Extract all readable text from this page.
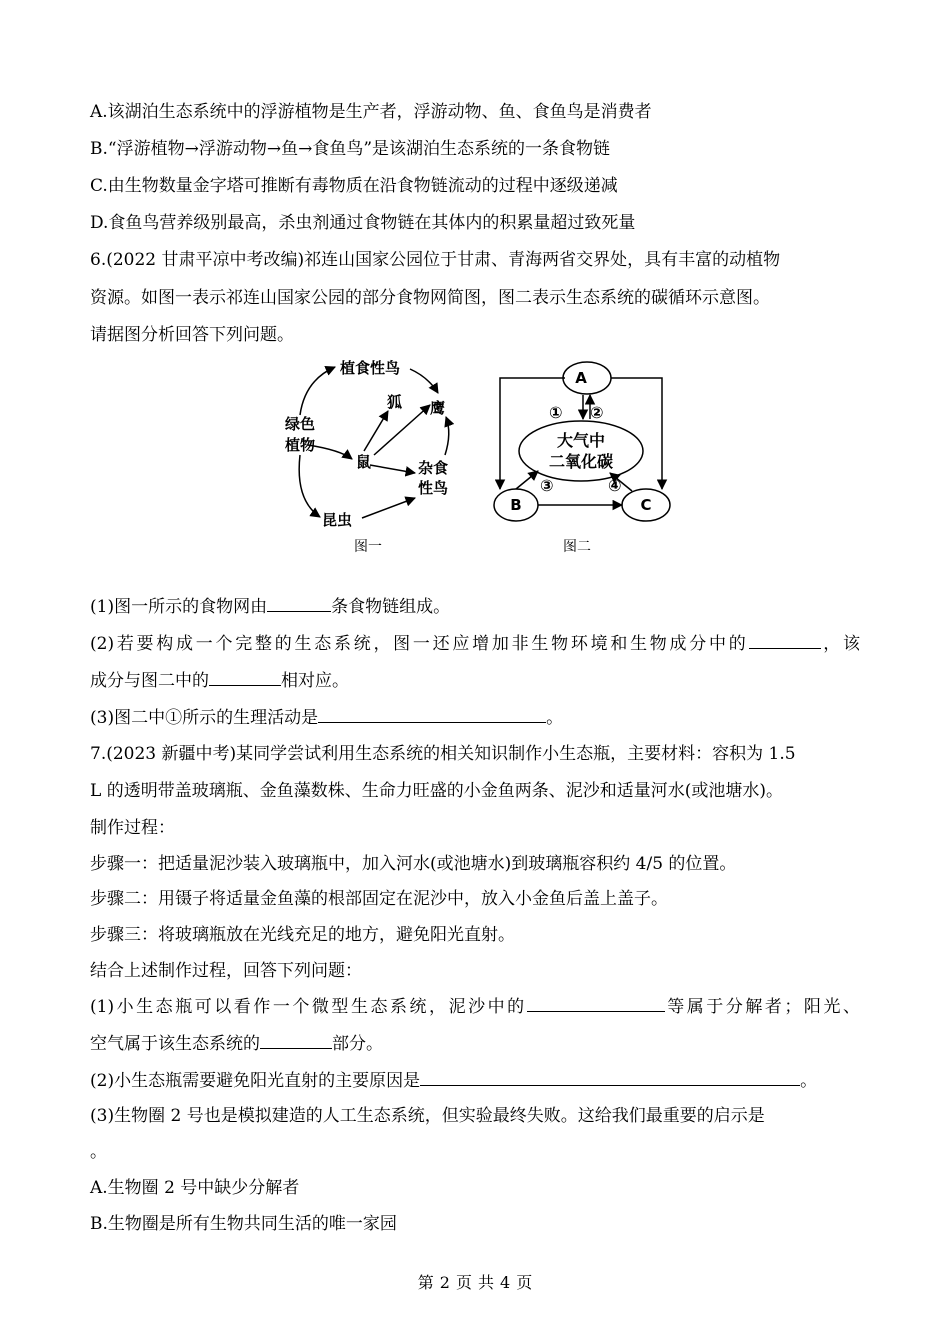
A.该湖泊生态系统中的浮游植物是生产者，浮游动物、鱼、食鱼鸟是消费者
B.“浮游植物→浮游动物→鱼→食鱼鸟”是该湖泊生态系统的一条食物链
C.由生物数量金字塔可推断有毒物质在沿食物链流动的过程中逐级递减
D.食鱼鸟营养级别最高，杀虫剂通过食物链在其体内的积累量超过致死量
6.(2022 甘肃平凉中考改编)祁连山国家公园位于甘肃、青海两省交界处，具有丰富的动植物
资源。如图一表示祁连山国家公园的部分食物网简图，图二表示生态系统的碳循环示意图。
请据图分析回答下列问题。
绿色
植物
植食性鸟
狐 鹰
鼠	杂食
性鸟
昆虫
图一
A
B	C
大气中
二氧化碳
① ②
③	④
图二
(1)图一所示的食物网由	条食物链组成。
(2)若要构成一个完整的生态系统，图一还应增加非生物环境和生物成分中的	，该
成分与图二中的	相对应。
(3)图二中①所示的生理活动是	。
7.(2023 新疆中考)某同学尝试利用生态系统的相关知识制作小生态瓶，主要材料：容积为 1.5
L 的透明带盖玻璃瓶、金鱼藻数株、生命力旺盛的小金鱼两条、泥沙和适量河水(或池塘水)。
制作过程：
步骤一：把适量泥沙装入玻璃瓶中，加入河水(或池塘水)到玻璃瓶容积约 4/5 的位置。
步骤二：用镊子将适量金鱼藻的根部固定在泥沙中，放入小金鱼后盖上盖子。
步骤三：将玻璃瓶放在光线充足的地方，避免阳光直射。
结合上述制作过程，回答下列问题：
(1)小生态瓶可以看作一个微型生态系统，泥沙中的	等属于分解者；阳光、
空气属于该生态系统的	部分。
(2)小生态瓶需要避免阳光直射的主要原因是	。
(3)生物圈 2 号也是模拟建造的人工生态系统，但实验最终失败。这给我们最重要的启示是
。
A.生物圈 2 号中缺少分解者
B.生物圈是所有生物共同生活的唯一家园
第 2 页 共 4 页
